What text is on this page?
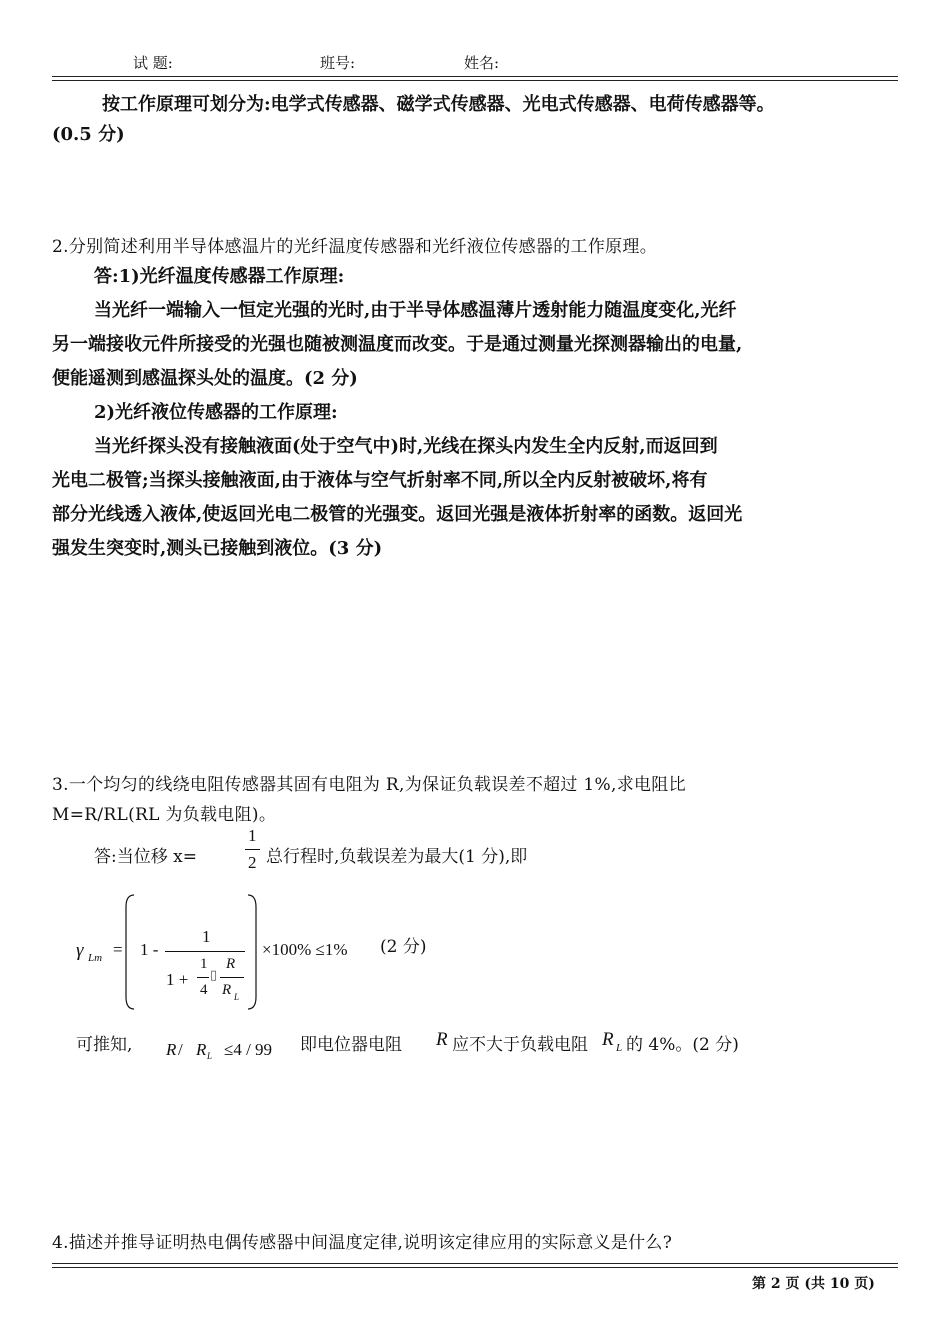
试 题:	班号:	姓名:
按工作原理可划分为:电学式传感器、磁学式传感器、光电式传感器、电荷传感器等。
(0.5 分)
2.分别简述利用半导体感温片的光纤温度传感器和光纤液位传感器的工作原理。
答:1)光纤温度传感器工作原理:
当光纤一端输入一恒定光强的光时,由于半导体感温薄片透射能力随温度变化,光纤
另一端接收元件所接受的光强也随被测温度而改变。于是通过测量光探测器输出的电量,
便能遥测到感温探头处的温度。(2 分)
2)光纤液位传感器的工作原理:
当光纤探头没有接触液面(处于空气中)时,光线在探头内发生全内反射,而返回到
光电二极管;当探头接触液面,由于液体与空气折射率不同,所以全内反射被破坏,将有
部分光线透入液体,使返回光电二极管的光强变。返回光强是液体折射率的函数。返回光
强发生突变时,测头已接触到液位。(3 分)
3.一个均匀的线绕电阻传感器其固有电阻为 R,为保证负载误差不超过 1%,求电阻比
M=R/RL(RL 为负载电阻)。
答:当位移 x=
1
2 总行程时,负载误差为最大(1 分),即
γ Lm = 1 -
1
1 +
1
4
▯
R
R L
×100% ≤1% (2 分)
可推知, R / R L ≤4 / 99 即电位器电阻 R 应不大于负载电阻 R L 的 4%。(2 分)
4.描述并推导证明热电偶传感器中间温度定律,说明该定律应用的实际意义是什么?
第 2 页 (共 10 页)
